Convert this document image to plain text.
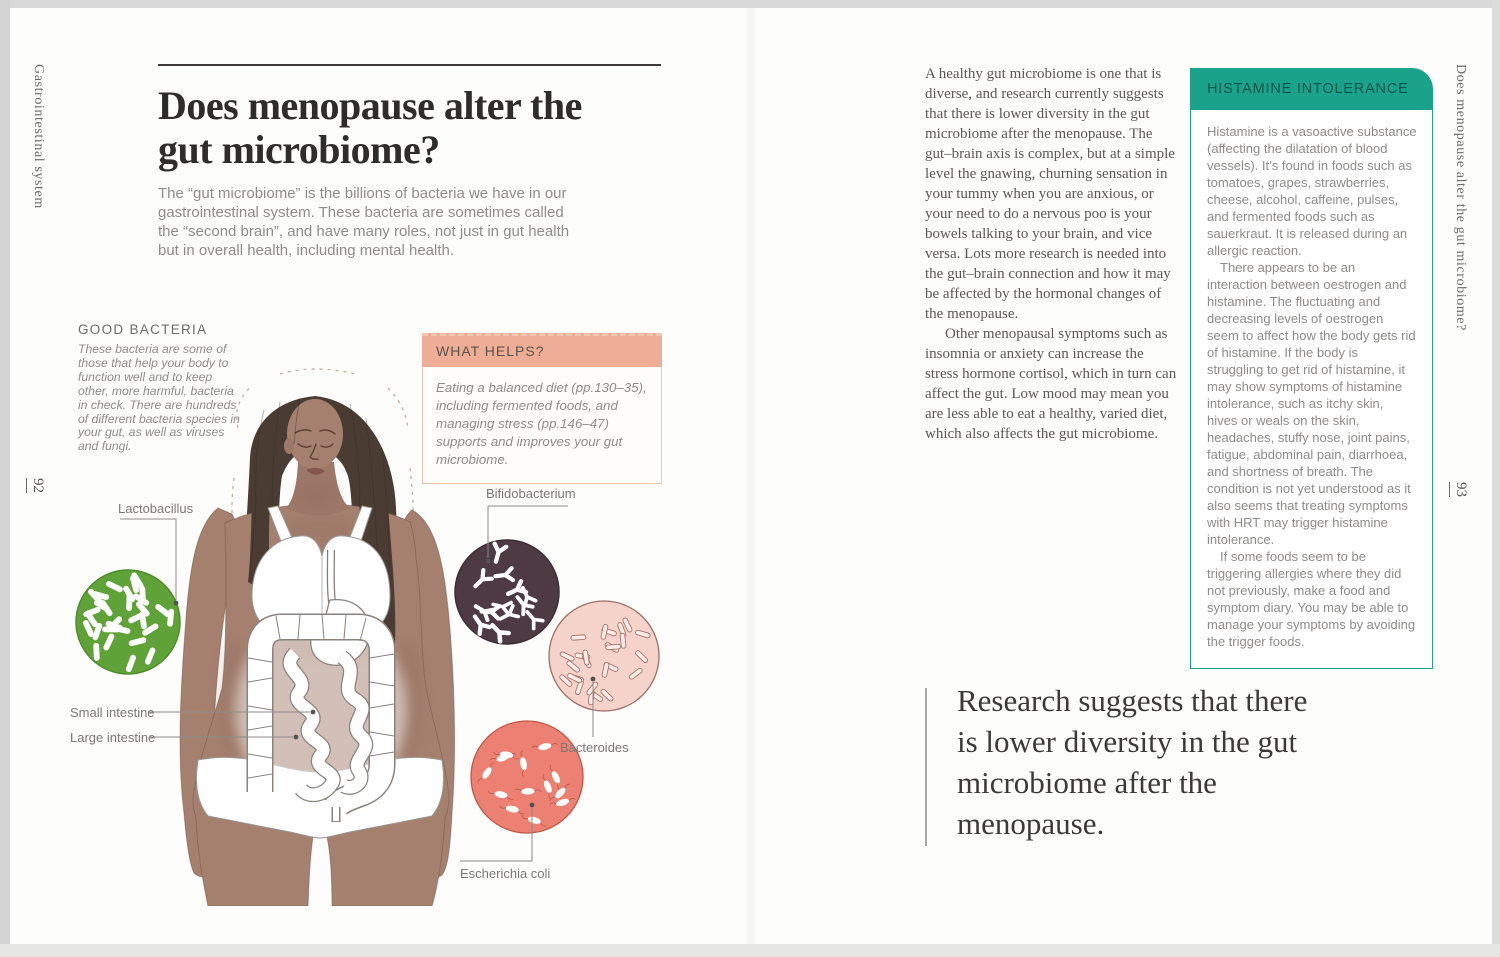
Gastrointestinal system
92
Does menopause alter the gut microbiome?

The “gut microbiome” is the billions of bacteria we have in our gastrointestinal system. These bacteria are sometimes called the “second brain”, and have many roles, not just in gut health but in overall health, including mental health.

GOOD BACTERIA

These bacteria are some of those that help your body to function well and to keep other, more harmful, bacteria in check. There are hundreds of different bacteria species in your gut, as well as viruses and fungi.

WHAT HELPS?
Eating a balanced diet (pp.130–35), including fermented foods, and managing stress (pp.146–47) supports and improves your gut microbiome.
Lactobacillus
Bifidobacterium
Small intestine
Large intestine
Bacteroides
Escherichia coli

A healthy gut microbiome is one that is diverse, and research currently suggests that there is lower diversity in the gut microbiome after the menopause. The gut–brain axis is complex, but at a simple level the gnawing, churning sensation in your tummy when you are anxious, or your need to do a nervous poo is your bowels talking to your brain, and vice versa. Lots more research is needed into the gut–brain connection and how it may be affected by the hormonal changes of the menopause.

Other menopausal symptoms such as insomnia or anxiety can increase the stress hormone cortisol, which in turn can affect the gut. Low mood may mean you are less able to eat a healthy, varied diet, which also affects the gut microbiome.

HISTAMINE INTOLERANCE

Histamine is a vasoactive substance (affecting the dilatation of blood vessels). It’s found in foods such as tomatoes, grapes, strawberries, cheese, alcohol, caffeine, pulses, and fermented foods such as sauerkraut. It is released during an allergic reaction.

There appears to be an interaction between oestrogen and histamine. The fluctuating and decreasing levels of oestrogen seem to affect how the body gets rid of histamine. If the body is struggling to get rid of histamine, it may show symptoms of histamine intolerance, such as itchy skin, hives or weals on the skin, headaches, stuffy nose, joint pains, fatigue, abdominal pain, diarrhoea, and shortness of breath. The condition is not yet understood as it also seems that treating symptoms with HRT may trigger histamine intolerance.

If some foods seem to be triggering allergies where they did not previously, make a food and symptom diary. You may be able to manage your symptoms by avoiding the trigger foods.

Research suggests that there is lower diversity in the gut microbiome after the menopause.
Does menopause alter the gut microbiome?
93
